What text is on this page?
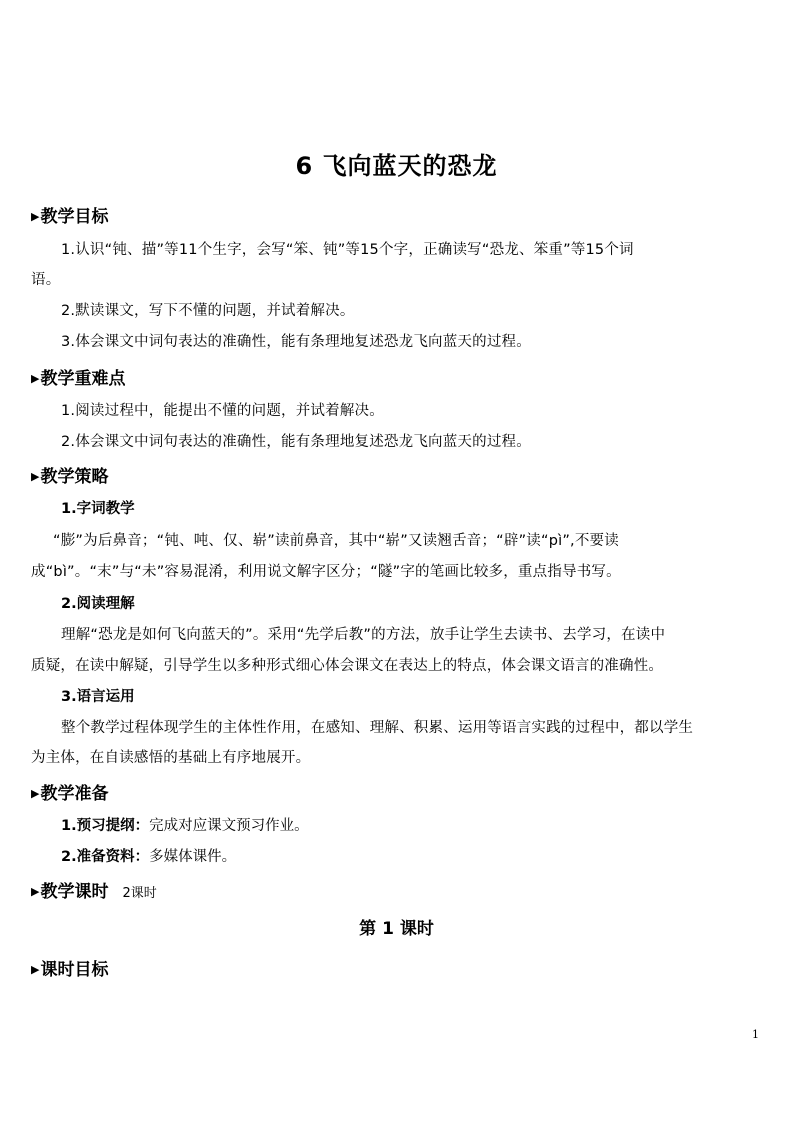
6 飞向蓝天的恐龙
▶教学目标
1.认识“钝、描”等11个生字，会写“笨、钝”等15个字，正确读写“恐龙、笨重”等15个词
语。
2.默读课文，写下不懂的问题，并试着解决。
3.体会课文中词句表达的准确性，能有条理地复述恐龙飞向蓝天的过程。
▶教学重难点
1.阅读过程中，能提出不懂的问题，并试着解决。
2.体会课文中词句表达的准确性，能有条理地复述恐龙飞向蓝天的过程。
▶教学策略
1.字词教学
“膨”为后鼻音；“钝、吨、仅、崭”读前鼻音，其中“崭”又读翘舌音；“辟”读“pì”,不要读
成“bì”。“末”与“未”容易混淆，利用说文解字区分；“隧”字的笔画比较多，重点指导书写。
2.阅读理解
理解“恐龙是如何飞向蓝天的”。采用“先学后教”的方法，放手让学生去读书、去学习，在读中
质疑，在读中解疑，引导学生以多种形式细心体会课文在表达上的特点，体会课文语言的准确性。
3.语言运用
整个教学过程体现学生的主体性作用，在感知、理解、积累、运用等语言实践的过程中，都以学生
为主体，在自读感悟的基础上有序地展开。
▶教学准备
1.预习提纲：完成对应课文预习作业。
2.准备资料：多媒体课件。
▶教学课时 2课时
第 1 课时
▶课时目标
1
